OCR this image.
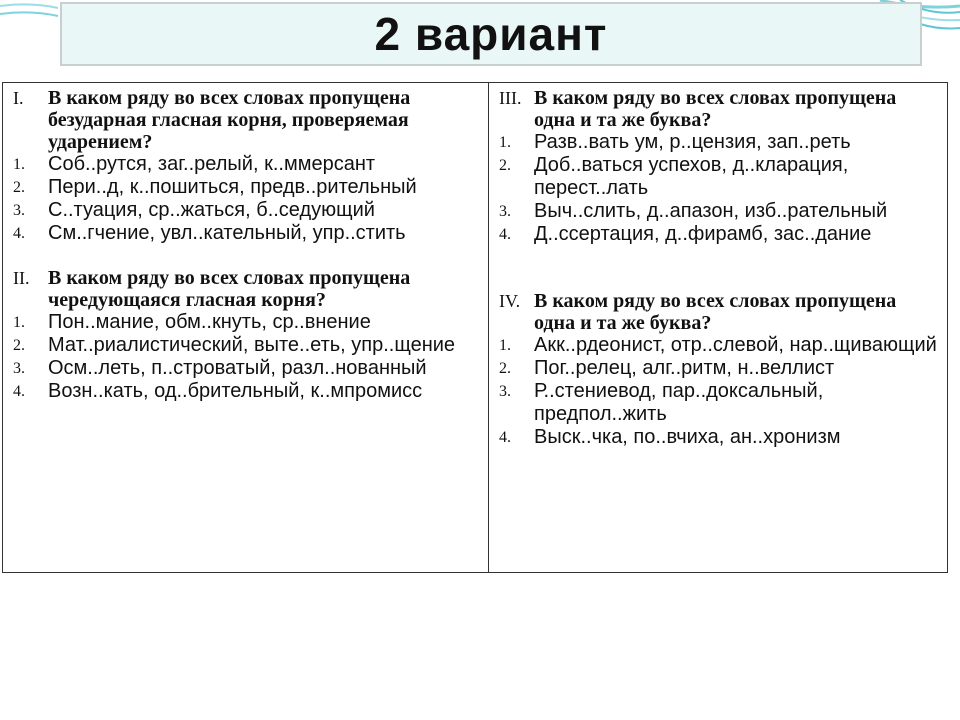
2 вариант
I. В каком ряду во всех словах пропущена безударная гласная корня, проверяемая ударением?
1. Соб..рутся, заг..релый, к..ммерсант
2. Пери..д, к..пошиться, предв..рительный
3. С..туация, ср..жаться, б..седующий
4. См..гчение, увл..кательный, упр..стить
II. В каком ряду во всех словах пропущена чередующаяся гласная корня?
1. Пон..мание, обм..кнуть, ср..внение
2. Мат..риалистический, выте..еть, упр..щение
3. Осм..леть, п..строватый, разл..нованный
4. Возн..кать, од..брительный, к..мпромисс
III. В каком ряду во всех словах пропущена одна и та же буква?
1. Разв..вать ум, р..цензия, зап..реть
2. Доб..ваться успехов, д..кларация, перест..лать
3. Выч..слить, д..апазон, изб..рательный
4. Д..ссертация, д..фирамб, зас..дание
IV. В каком ряду во всех словах пропущена одна и та же буква?
1. Акк..рдеонист, отр..слевой, нар..щивающий
2. Пог..релец, алг..ритм, н..веллист
3. Р..стениевод, пар..доксальный, предпол..жить
4. Выск..чка, по..вчиха, ан..хронизм
